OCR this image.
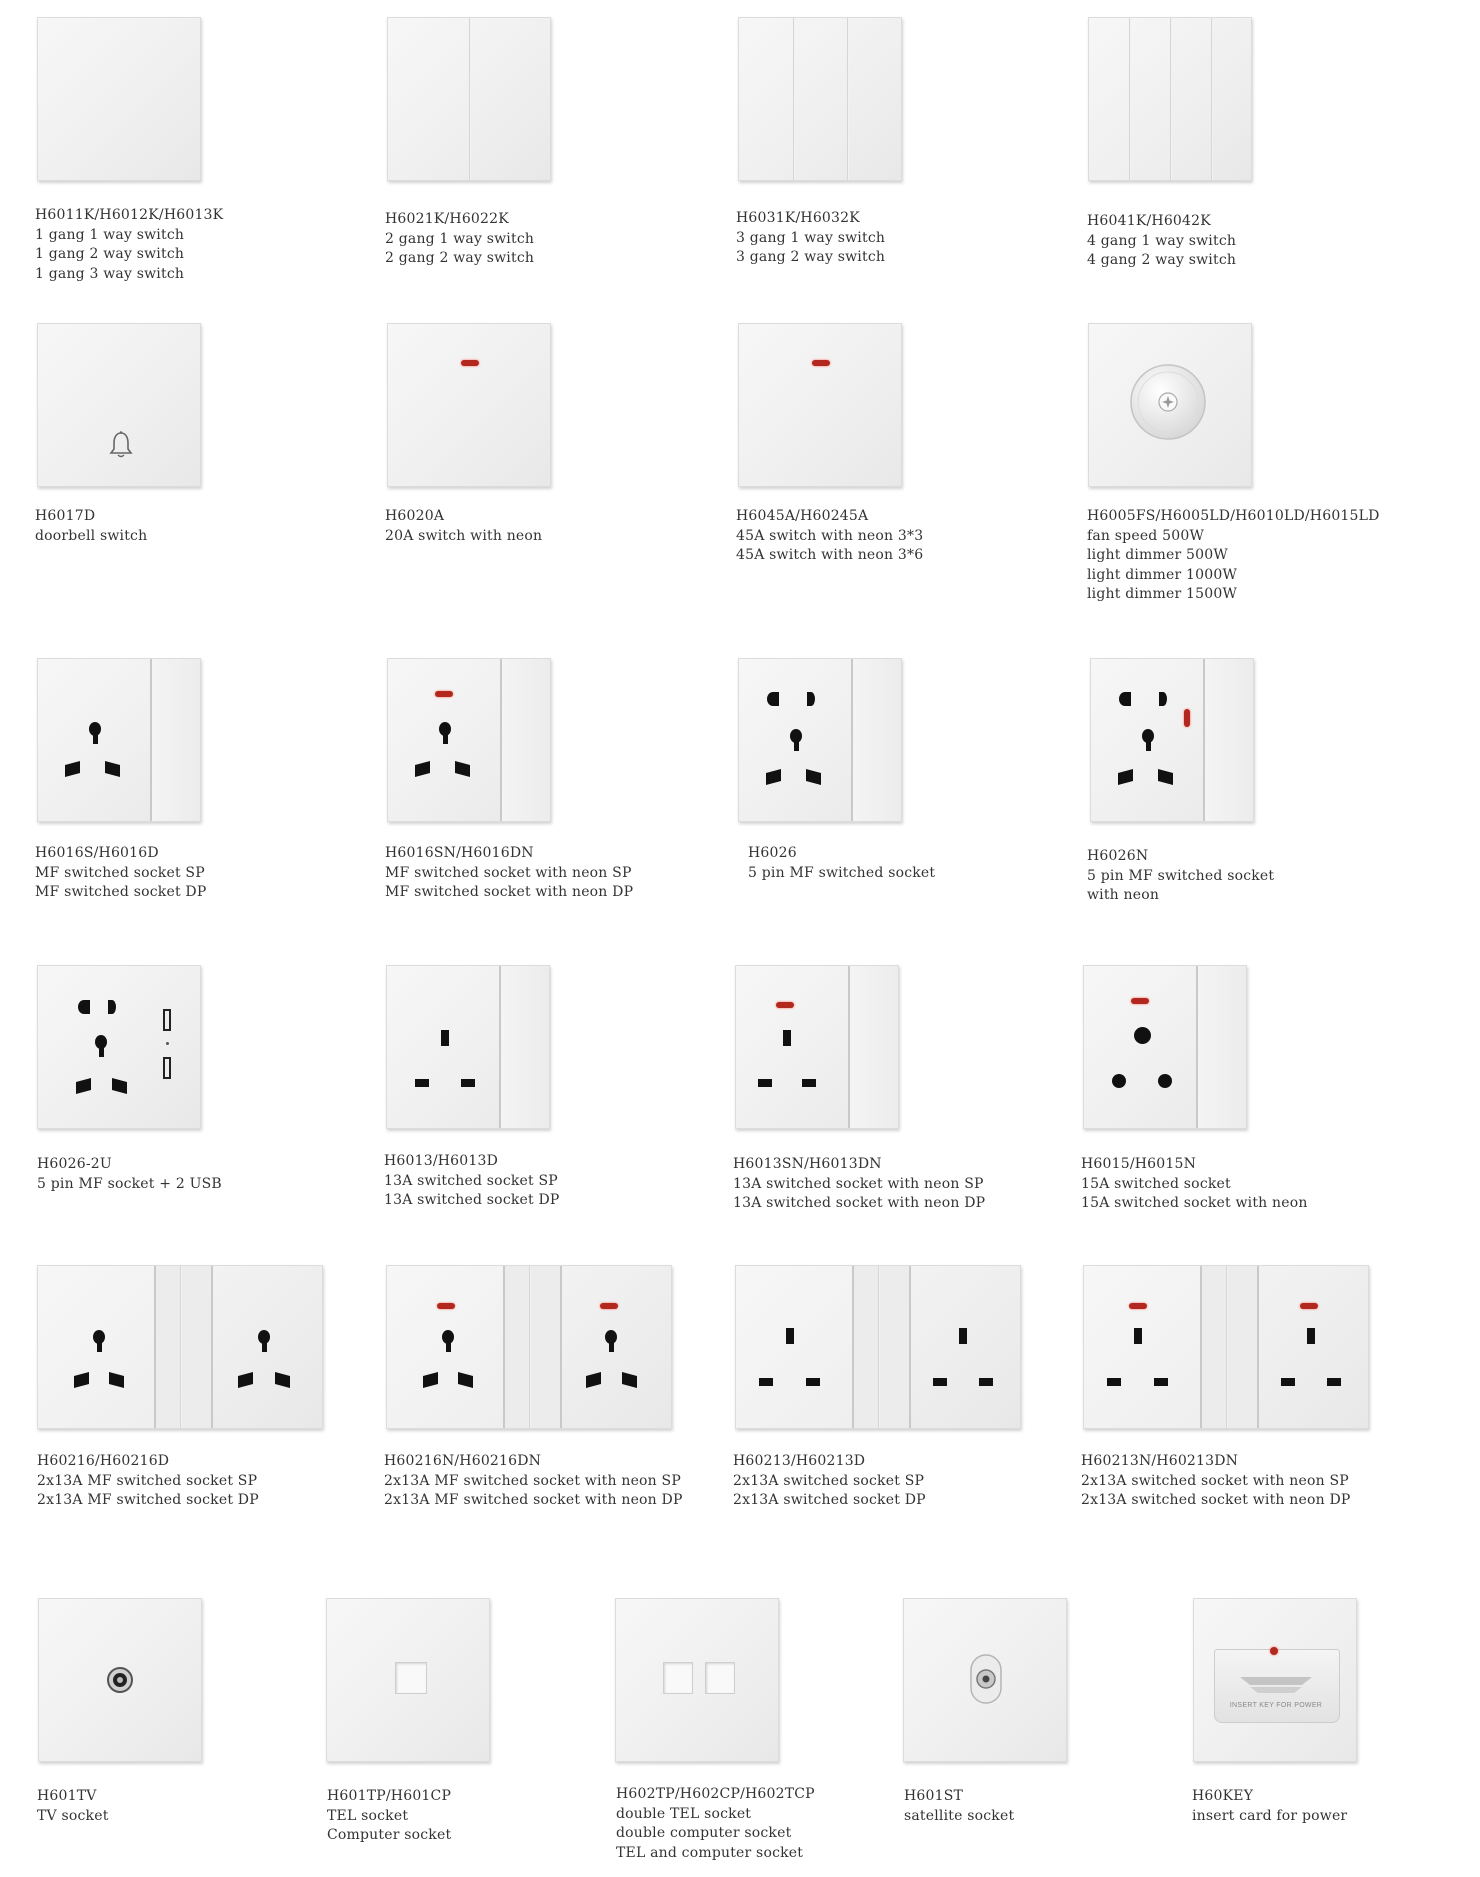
H6011K/H6012K/H6013K
1 gang 1 way switch
1 gang 2 way switch
1 gang 3 way switch
H6021K/H6022K
2 gang 1 way switch
2 gang 2 way switch
H6031K/H6032K
3 gang 1 way switch
3 gang 2 way switch
H6041K/H6042K
4 gang 1 way switch
4 gang 2 way switch
H6017D
doorbell switch
H6020A
20A switch with neon
H6045A/H60245A
45A switch with neon 3*3
45A switch with neon 3*6
H6005FS/H6005LD/H6010LD/H6015LD
fan speed 500W
light dimmer 500W
light dimmer 1000W
light dimmer 1500W
H6016S/H6016D
MF switched socket SP
MF switched socket DP
H6016SN/H6016DN
MF switched socket with neon SP
MF switched socket with neon DP
H6026
5 pin MF switched socket
H6026N
5 pin MF switched socket
with neon
H6026-2U
5 pin MF socket + 2 USB
H6013/H6013D
13A switched socket SP
13A switched socket DP
H6013SN/H6013DN
13A switched socket with neon SP
13A switched socket with neon DP
H6015/H6015N
15A switched socket
15A switched socket with neon
H60216/H60216D
2x13A MF switched socket SP
2x13A MF switched socket DP
H60216N/H60216DN
2x13A MF switched socket with neon SP
2x13A MF switched socket with neon DP
H60213/H60213D
2x13A switched socket SP
2x13A switched socket DP
H60213N/H60213DN
2x13A switched socket with neon SP
2x13A switched socket with neon DP
H601TV
TV socket
H601TP/H601CP
TEL socket
Computer socket
H602TP/H602CP/H602TCP
double TEL socket
double computer socket
TEL and computer socket
H601ST
satellite socket
INSERT KEY FOR POWER
H60KEY
insert card for power
